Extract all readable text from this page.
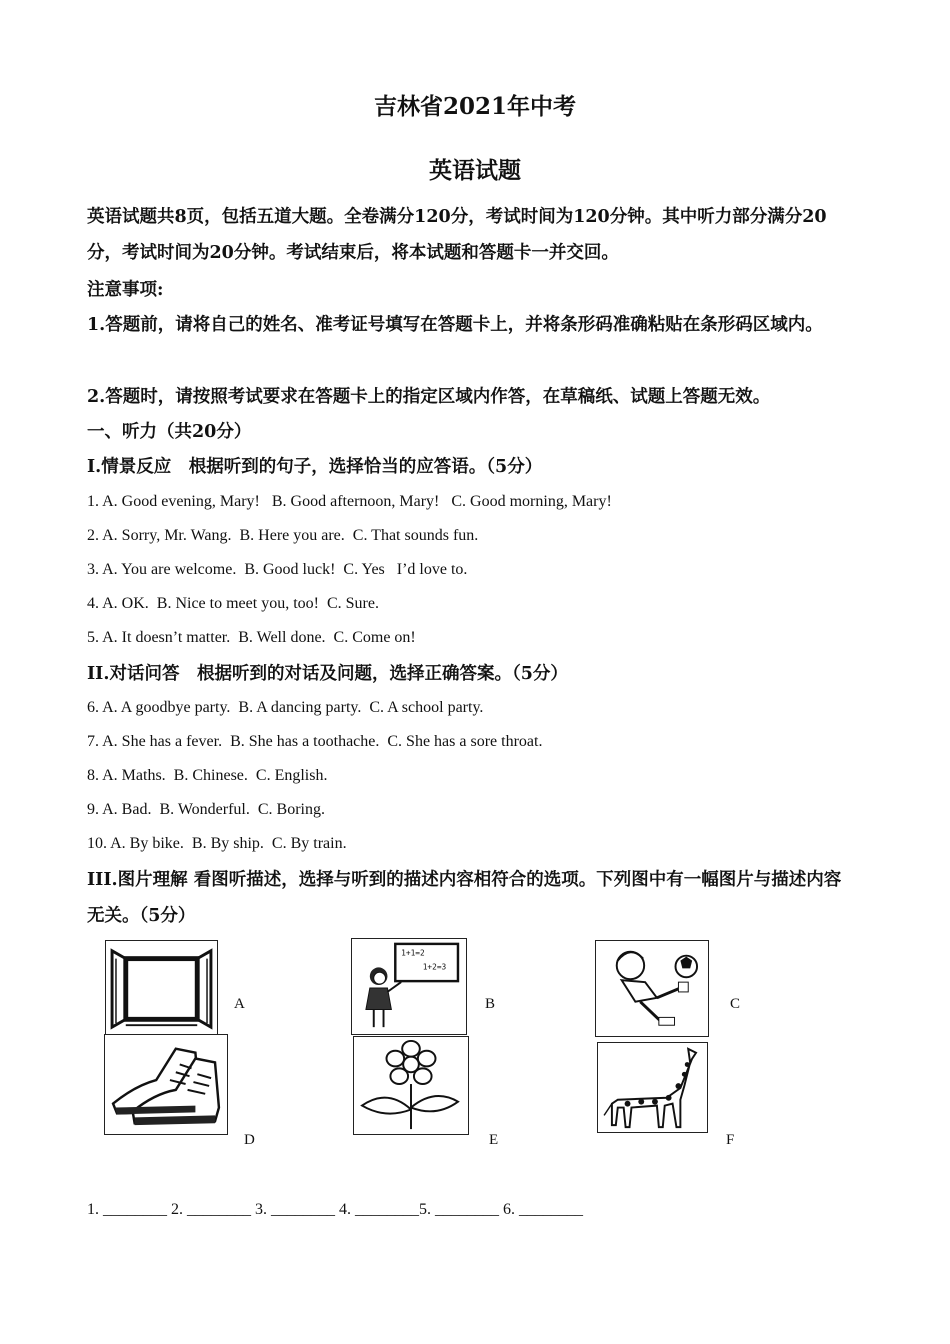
吉林省2021年中考
英语试题
英语试题共8页，包括五道大题。全卷满分120分，考试时间为120分钟。其中听力部分满分20分，考试时间为20分钟。考试结束后，将本试题和答题卡一并交回。
注意事项:
1.答题前，请将自己的姓名、准考证号填写在答题卡上，并将条形码准确粘贴在条形码区域内。
2.答题时，请按照考试要求在答题卡上的指定区域内作答，在草稿纸、试题上答题无效。
一、听力（共20分）
I.情景反应　根据听到的句子，选择恰当的应答语。（5分）
1. A. Good evening, Mary!   B. Good afternoon, Mary!   C. Good morning, Mary!
2. A. Sorry, Mr. Wang.  B. Here you are.  C. That sounds fun.
3. A. You are welcome.  B. Good luck!  C. Yes   I’d love to.
4. A. OK.  B. Nice to meet you, too!  C. Sure.
5. A. It doesn’t matter.  B. Well done.  C. Come on!
II.对话问答　根据听到的对话及问题，选择正确答案。（5分）
6. A. A goodbye party.  B. A dancing party.  C. A school party.
7. A. She has a fever.  B. She has a toothache.  C. She has a sore throat.
8. A. Maths.  B. Chinese.  C. English.
9. A. Bad.  B. Wonderful.  C. Boring.
10. A. By bike.  B. By ship.  C. By train.
III.图片理解 看图听描述，选择与听到的描述内容相符合的选项。下列图中有一幅图片与描述内容无关。（5分）
A
1+1=2
1+2=3
B	C
D	E	F
1. ________ 2. ________ 3. ________ 4. ________5. ________ 6. ________
